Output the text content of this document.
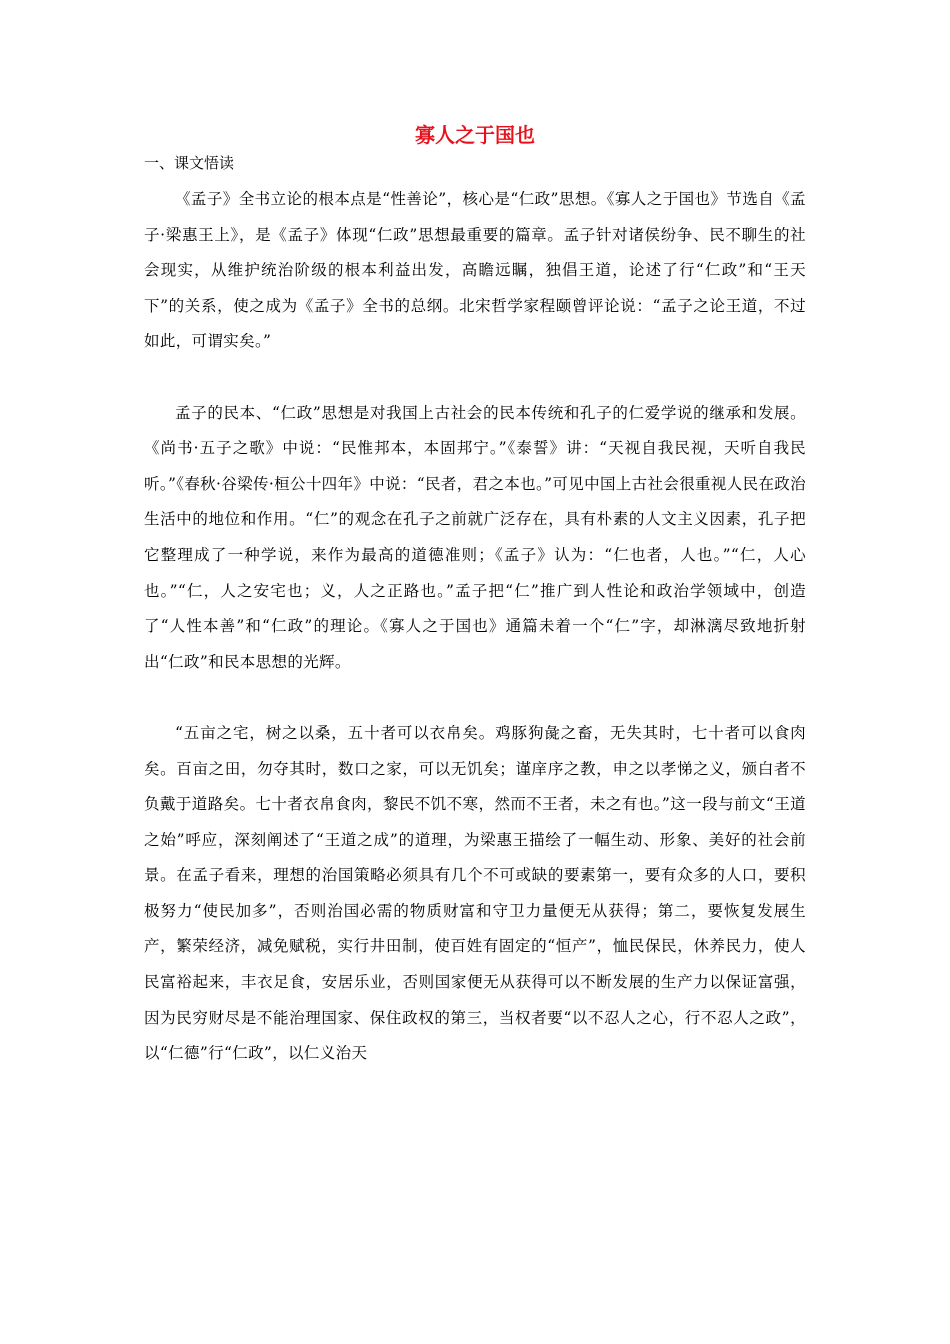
寡人之于国也
一、课文悟读

《孟子》全书立论的根本点是“性善论”，核心是“仁政”思想。《寡人之于国也》节选自《孟子·梁惠王上》，是《孟子》体现“仁政”思想最重要的篇章。孟子针对诸侯纷争、民不聊生的社会现实，从维护统治阶级的根本利益出发，高瞻远瞩，独倡王道，论述了行“仁政”和“王天下”的关系，使之成为《孟子》全书的总纲。北宋哲学家程颐曾评论说：“孟子之论王道，不过如此，可谓实矣。”

孟子的民本、“仁政”思想是对我国上古社会的民本传统和孔子的仁爱学说的继承和发展。《尚书·五子之歌》中说：“民惟邦本，本固邦宁。”《泰誓》讲：“天视自我民视，天听自我民听。”《春秋·谷梁传·桓公十四年》中说：“民者，君之本也。”可见中国上古社会很重视人民在政治生活中的地位和作用。“仁”的观念在孔子之前就广泛存在，具有朴素的人文主义因素，孔子把它整理成了一种学说，来作为最高的道德准则；《孟子》认为：“仁也者，人也。”“仁，人心也。”“仁，人之安宅也；义，人之正路也。”孟子把“仁”推广到人性论和政治学领域中，创造了“人性本善”和“仁政”的理论。《寡人之于国也》通篇未着一个“仁”字，却淋漓尽致地折射出“仁政”和民本思想的光辉。

“五亩之宅，树之以桑，五十者可以衣帛矣。鸡豚狗彘之畜，无失其时，七十者可以食肉矣。百亩之田，勿夺其时，数口之家，可以无饥矣；谨庠序之教，申之以孝悌之义，颁白者不负戴于道路矣。七十者衣帛食肉，黎民不饥不寒，然而不王者，未之有也。”这一段与前文“王道之始”呼应，深刻阐述了“王道之成”的道理，为梁惠王描绘了一幅生动、形象、美好的社会前景。在孟子看来，理想的治国策略必须具有几个不可或缺的要素第一，要有众多的人口，要积极努力“使民加多”，否则治国必需的物质财富和守卫力量便无从获得；第二，要恢复发展生产，繁荣经济，减免赋税，实行井田制，使百姓有固定的“恒产”，恤民保民，休养民力，使人民富裕起来，丰衣足食，安居乐业，否则国家便无从获得可以不断发展的生产力以保证富强，因为民穷财尽是不能治理国家、保住政权的第三，当权者要“以不忍人之心，行不忍人之政”，以“仁德”行“仁政”，以仁义治天
